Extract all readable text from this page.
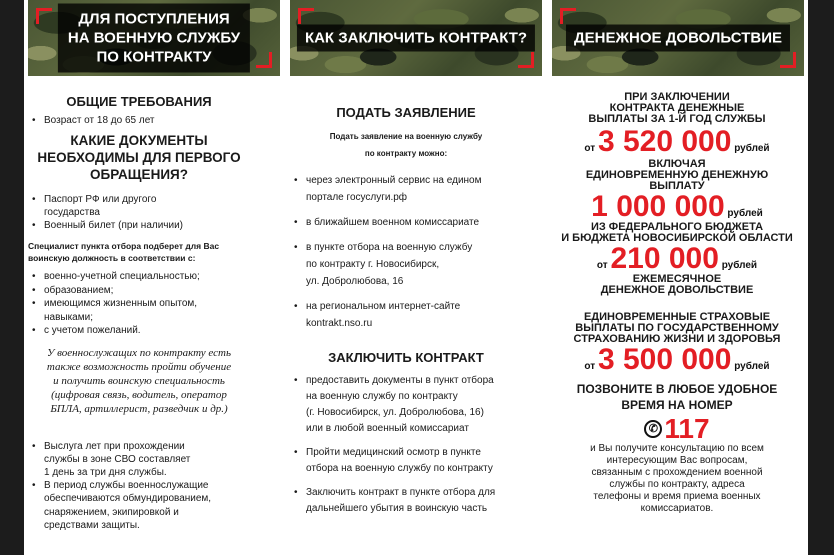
ДЛЯ ПОСТУПЛЕНИЯ
НА ВОЕННУЮ СЛУЖБУ
ПО КОНТРАКТУ
КАК ЗАКЛЮЧИТЬ КОНТРАКТ?	ДЕНЕЖНОЕ ДОВОЛЬСТВИЕ
ОБЩИЕ ТРЕБОВАНИЯ
• Возраст от 18 до 65 лет
КАКИЕ ДОКУМЕНТЫ
НЕОБХОДИМЫ ДЛЯ ПЕРВОГО
ОБРАЩЕНИЯ?
• Паспорт РФ или другого
государства
• Военный билет (при наличии)
Специалист пункта отбора подберет для Вас
воинскую должность в соответствии с:
• военно-учетной специальностью;
• образованием;
• имеющимся жизненным опытом,
навыками;
• с учетом пожеланий.
У военнослужащих по контракту есть
также возможность пройти обучение
и получить воинскую специальность
(цифровая связь, водитель, оператор
БПЛА, артиллерист, разведчик и др.)
• Выслуга лет при прохождении
службы в зоне СВО составляет
1 день за три дня службы.
• В период службы военнослужащие
обеспечиваются обмундированием,
снаряжением, экипировкой и
средствами защиты.
ПОДАТЬ ЗАЯВЛЕНИЕ
Подать заявление на военную службу
по контракту можно:
• через электронный сервис на едином
портале госуслуги.рф
• в ближайшем военном комиссариате
• в пункте отбора на военную службу
по контракту г. Новосибирск,
ул. Добролюбова, 16
• на региональном интернет-сайте
kontrakt.nso.ru
ЗАКЛЮЧИТЬ КОНТРАКТ
• предоставить документы в пункт отбора
на военную службу по контракту
(г. Новосибирск, ул. Добролюбова, 16)
или в любой военный комиссариат
• Пройти медицинский осмотр в пункте
отбора на военную службу по контракту
• Заключить контракт в пункте отбора для
дальнейшего убытия в воинскую часть
ПРИ ЗАКЛЮЧЕНИИ
КОНТРАКТА ДЕНЕЖНЫЕ
ВЫПЛАТЫ ЗА 1-Й ГОД СЛУЖБЫ
от 3 520 000 рублей
ВКЛЮЧАЯ
ЕДИНОВРЕМЕННУЮ ДЕНЕЖНУЮ
ВЫПЛАТУ
1 000 000 рублей
ИЗ ФЕДЕРАЛЬНОГО БЮДЖЕТА
И БЮДЖЕТА НОВОСИБИРСКОЙ ОБЛАСТИ
от 210 000 рублей
ЕЖЕМЕСЯЧНОЕ
ДЕНЕЖНОЕ ДОВОЛЬСТВИЕ
ЕДИНОВРЕМЕННЫЕ СТРАХОВЫЕ
ВЫПЛАТЫ ПО ГОСУДАРСТВЕННОМУ
СТРАХОВАНИЮ ЖИЗНИ И ЗДОРОВЬЯ
от 3 500 000 рублей
ПОЗВОНИТЕ В ЛЮБОЕ УДОБНОЕ
ВРЕМЯ НА НОМЕР
✆ 117
и Вы получите консультацию по всем
интересующим Вас вопросам,
связанным с прохождением военной
службы по контракту, адреса
телефоны и время приема военных
комиссариатов.
